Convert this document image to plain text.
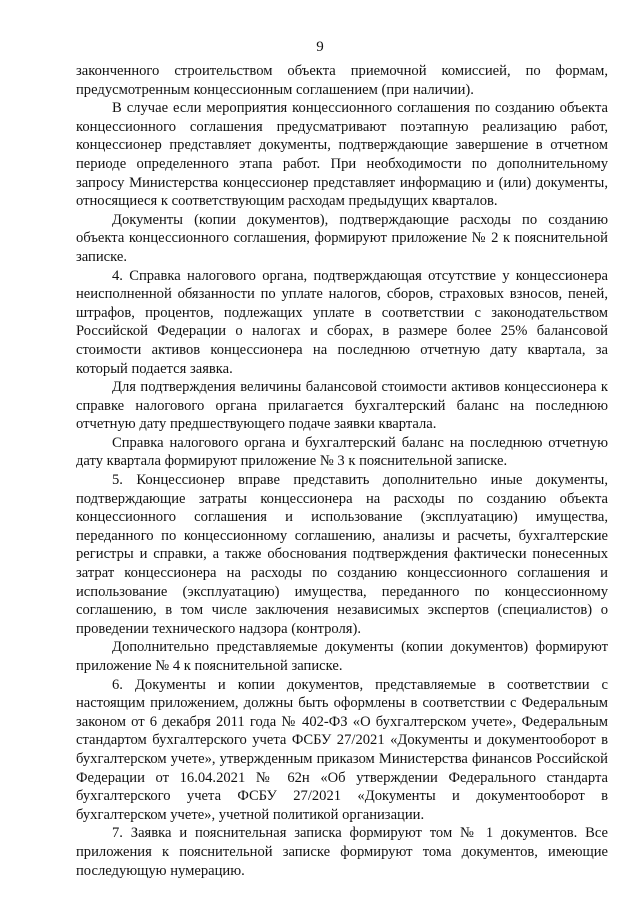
9

законченного строительством объекта приемочной комиссией, по формам, предусмотренным концессионным соглашением (при наличии).

В случае если мероприятия концессионного соглашения по созданию объекта концессионного соглашения предусматривают поэтапную реализацию работ, концессионер представляет документы, подтверждающие завершение в отчетном периоде определенного этапа работ. При необходимости по дополнительному запросу Министерства концессионер представляет информацию и (или) документы, относящиеся к соответствующим расходам предыдущих кварталов.

Документы (копии документов), подтверждающие расходы по созданию объекта концессионного соглашения, формируют приложение № 2 к пояснительной записке.

4. Справка налогового органа, подтверждающая отсутствие у концессионера неисполненной обязанности по уплате налогов, сборов, страховых взносов, пеней, штрафов, процентов, подлежащих уплате в соответствии с законодательством Российской Федерации о налогах и сборах, в размере более 25% балансовой стоимости активов концессионера на последнюю отчетную дату квартала, за который подается заявка.

Для подтверждения величины балансовой стоимости активов концессионера к справке налогового органа прилагается бухгалтерский баланс на последнюю отчетную дату предшествующего подаче заявки квартала.

Справка налогового органа и бухгалтерский баланс на последнюю отчетную дату квартала формируют приложение № 3 к пояснительной записке.

5. Концессионер вправе представить дополнительно иные документы, подтверждающие затраты концессионера на расходы по созданию объекта концессионного соглашения и использование (эксплуатацию) имущества, переданного по концессионному соглашению, анализы и расчеты, бухгалтерские регистры и справки, а также обоснования подтверждения фактически понесенных затрат концессионера на расходы по созданию концессионного соглашения и использование (эксплуатацию) имущества, переданного по концессионному соглашению, в том числе заключения независимых экспертов (специалистов) о проведении технического надзора (контроля).

Дополнительно представляемые документы (копии документов) формируют приложение № 4 к пояснительной записке.

6. Документы и копии документов, представляемые в соответствии с настоящим приложением, должны быть оформлены в соответствии с Федеральным законом от 6 декабря 2011 года № 402-ФЗ «О бухгалтерском учете», Федеральным стандартом бухгалтерского учета ФСБУ 27/2021 «Документы и документооборот в бухгалтерском учете», утвержденным приказом Министерства финансов Российской Федерации от 16.04.2021 № 62н «Об утверждении Федерального стандарта бухгалтерского учета ФСБУ 27/2021 «Документы и документооборот в бухгалтерском учете», учетной политикой организации.

7. Заявка и пояснительная записка формируют том № 1 документов. Все приложения к пояснительной записке формируют тома документов, имеющие последующую нумерацию.
